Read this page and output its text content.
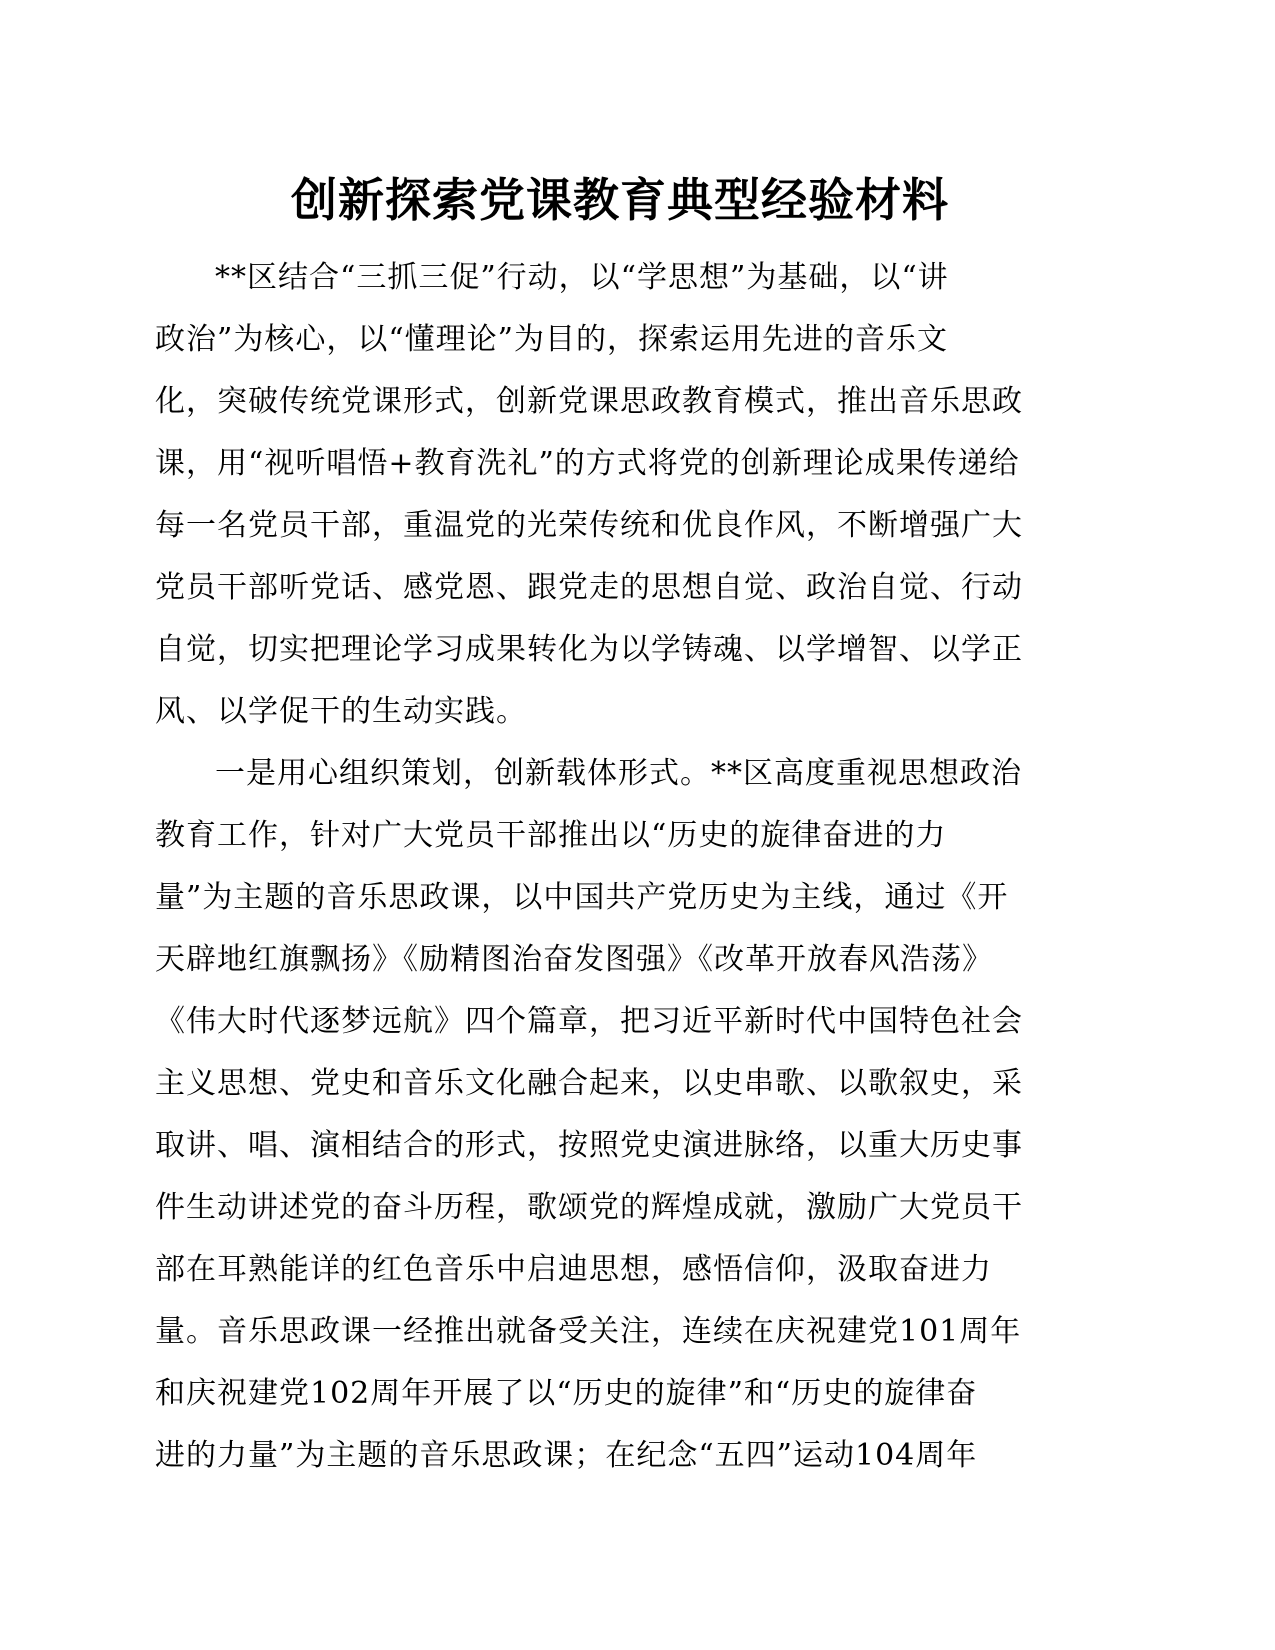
创新探索党课教育典型经验材料
**区结合“三抓三促”行动，以“学思想”为基础，以“讲
政治”为核心，以“懂理论”为目的，探索运用先进的音乐文
化，突破传统党课形式，创新党课思政教育模式，推出音乐思政
课，用“视听唱悟+教育洗礼”的方式将党的创新理论成果传递给
每一名党员干部，重温党的光荣传统和优良作风，不断增强广大
党员干部听党话、感党恩、跟党走的思想自觉、政治自觉、行动
自觉，切实把理论学习成果转化为以学铸魂、以学增智、以学正
风、以学促干的生动实践。
一是用心组织策划，创新载体形式。**区高度重视思想政治
教育工作，针对广大党员干部推出以“历史的旋律奋进的力
量”为主题的音乐思政课，以中国共产党历史为主线，通过《开
天辟地红旗飘扬》《励精图治奋发图强》《改革开放春风浩荡》
《伟大时代逐梦远航》四个篇章，把习近平新时代中国特色社会
主义思想、党史和音乐文化融合起来，以史串歌、以歌叙史，采
取讲、唱、演相结合的形式，按照党史演进脉络，以重大历史事
件生动讲述党的奋斗历程，歌颂党的辉煌成就，激励广大党员干
部在耳熟能详的红色音乐中启迪思想，感悟信仰，汲取奋进力
量。音乐思政课一经推出就备受关注，连续在庆祝建党101周年
和庆祝建党102周年开展了以“历史的旋律”和“历史的旋律奋
进的力量”为主题的音乐思政课；在纪念“五四”运动104周年
